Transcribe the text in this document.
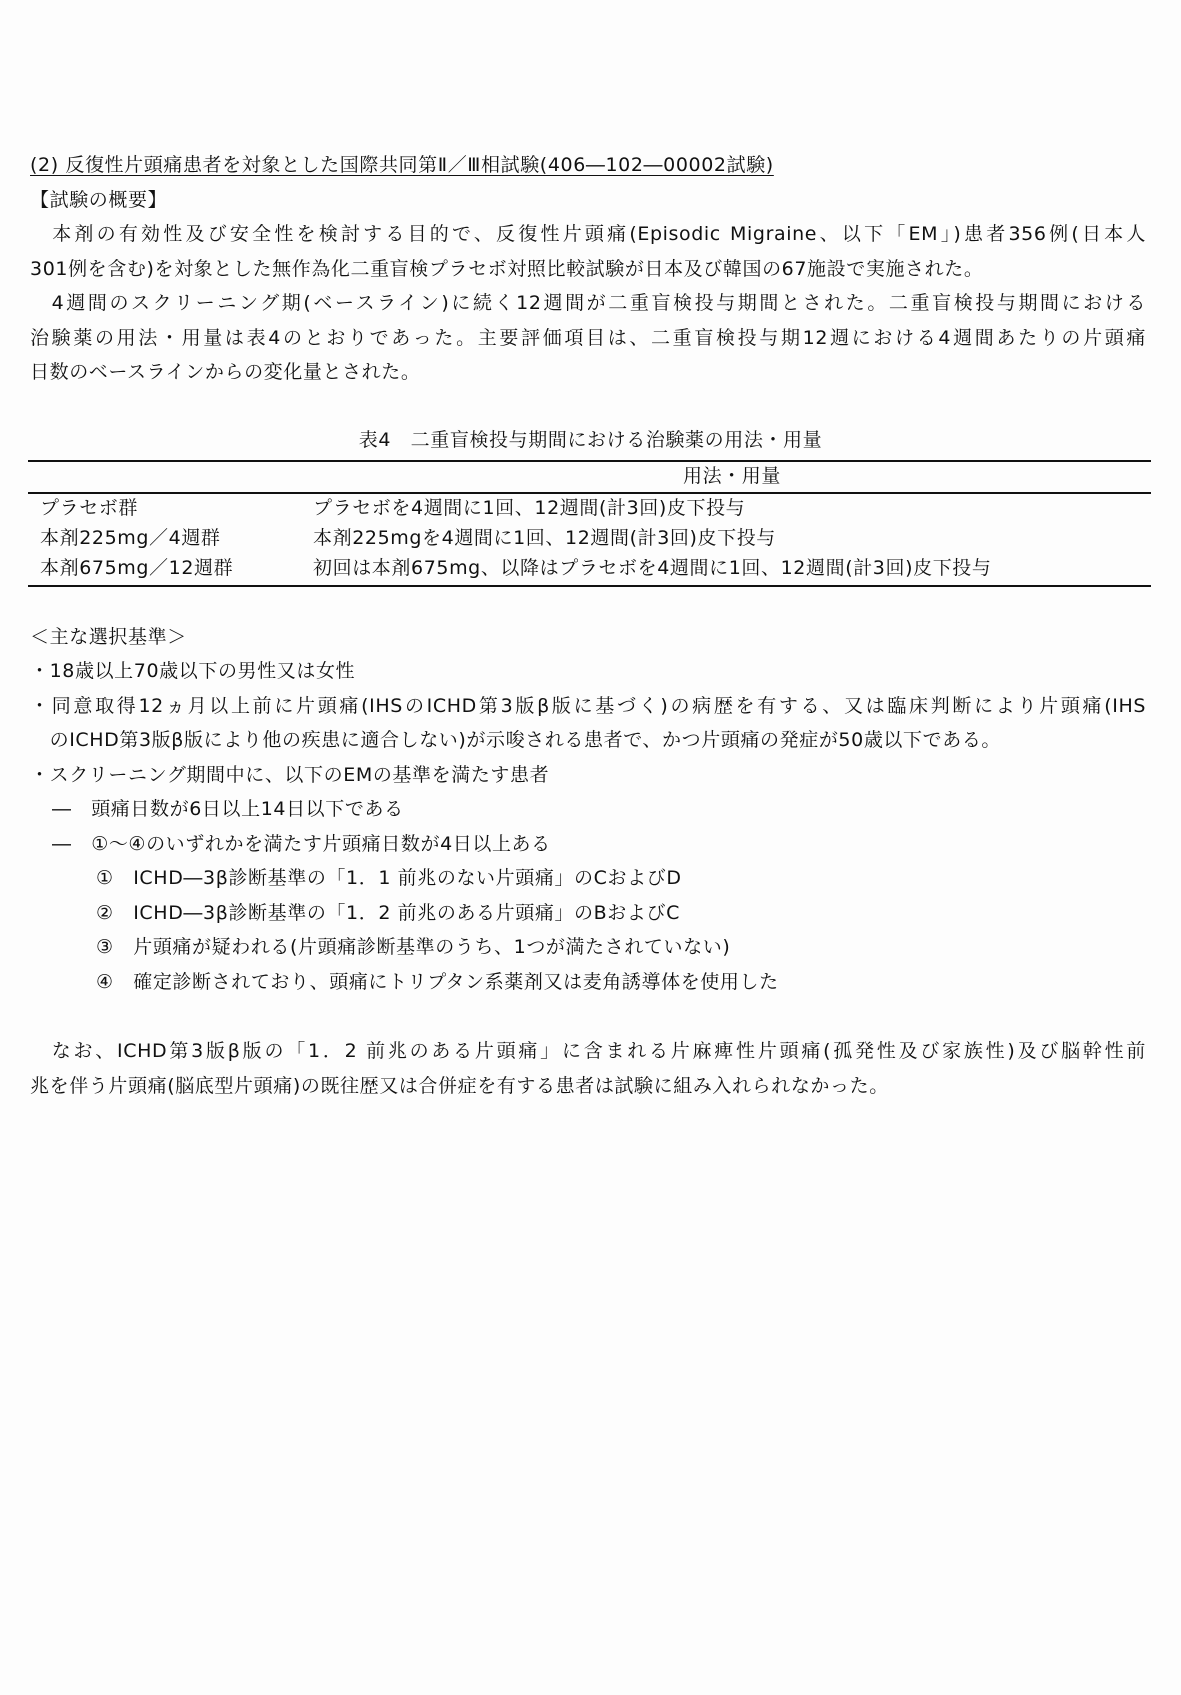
(2) 反復性片頭痛患者を対象とした国際共同第Ⅱ／Ⅲ相試験(406―102―00002試験)
【試験の概要】
　本剤の有効性及び安全性を検討する目的で、反復性片頭痛(Episodic Migraine、以下「EM」)患者356例(日本人
301例を含む)を対象とした無作為化二重盲検プラセボ対照比較試験が日本及び韓国の67施設で実施された。
　4週間のスクリーニング期(ベースライン)に続く12週間が二重盲検投与期間とされた。二重盲検投与期間における
治験薬の用法・用量は表4のとおりであった。主要評価項目は、二重盲検投与期12週における4週間あたりの片頭痛
日数のベースラインからの変化量とされた。
表4　二重盲検投与期間における治験薬の用法・用量
用法・用量
プラセボ群	プラセボを4週間に1回、12週間(計3回)皮下投与
本剤225mg／4週群	本剤225mgを4週間に1回、12週間(計3回)皮下投与
本剤675mg／12週群	初回は本剤675mg、以降はプラセボを4週間に1回、12週間(計3回)皮下投与
＜主な選択基準＞
・18歳以上70歳以下の男性又は女性
・同意取得12ヵ月以上前に片頭痛(IHSのICHD第3版β版に基づく)の病歴を有する、又は臨床判断により片頭痛(IHS
　のICHD第3版β版により他の疾患に適合しない)が示唆される患者で、かつ片頭痛の発症が50歳以下である。
・スクリーニング期間中に、以下のEMの基準を満たす患者
―　頭痛日数が6日以上14日以下である
―　①～④のいずれかを満たす片頭痛日数が4日以上ある
①　ICHD―3β診断基準の「1．1 前兆のない片頭痛」のCおよびD
②　ICHD―3β診断基準の「1．2 前兆のある片頭痛」のBおよびC
③　片頭痛が疑われる(片頭痛診断基準のうち、1つが満たされていない)
④　確定診断されており、頭痛にトリプタン系薬剤又は麦角誘導体を使用した
　なお、ICHD第3版β版の「1．2 前兆のある片頭痛」に含まれる片麻痺性片頭痛(孤発性及び家族性)及び脳幹性前
兆を伴う片頭痛(脳底型片頭痛)の既往歴又は合併症を有する患者は試験に組み入れられなかった。
